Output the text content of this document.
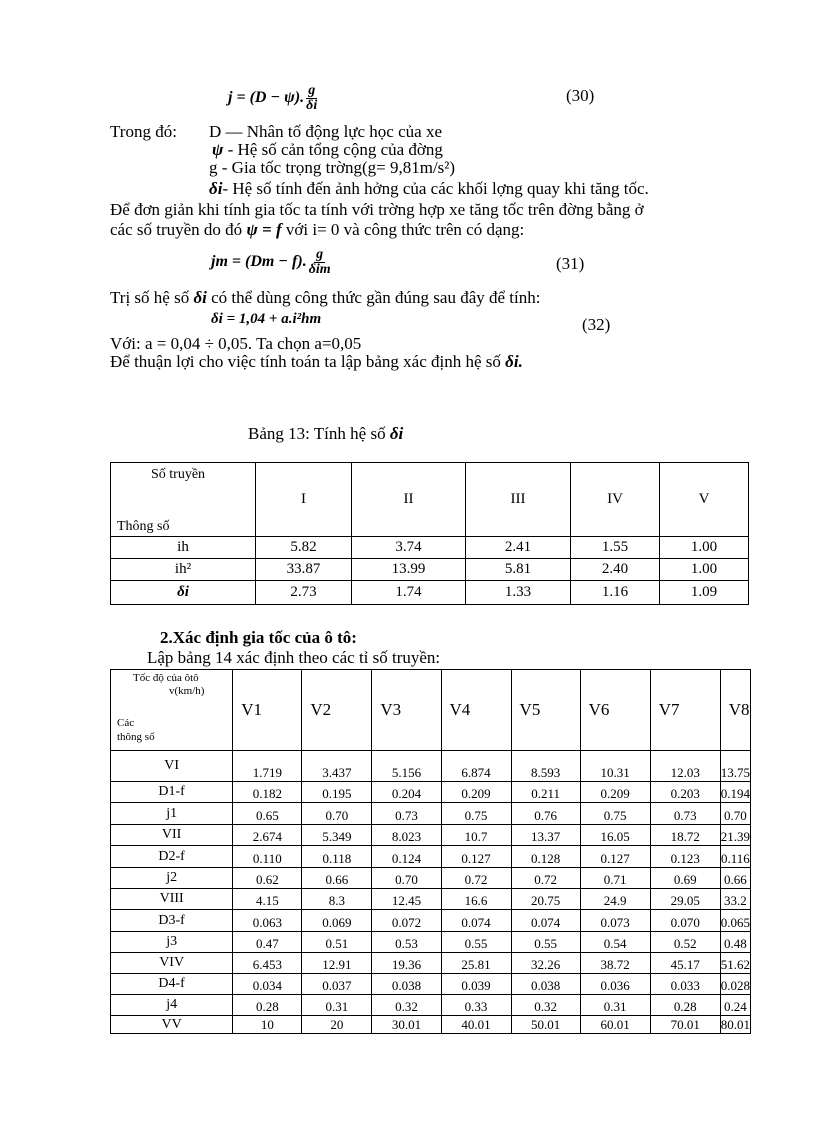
j = (D − ψ). $\frac{g}{\delta i}$	(30)
Trong đó: D — Nhân tố động lực học của xe
ψ - Hệ số cản tổng cộng của đờng
g - Gia tốc trọng trờng(g= 9,81m/s²)
δi- Hệ số tính đến ảnh hởng của các khối lợng quay khi tăng tốc.
Để đơn giản khi tính gia tốc ta tính với trờng hợp xe tăng tốc trên đờng bằng ở
các số truyền do đó ψ = f với i= 0 và công thức trên có dạng:
jm = (Dm − f). $\frac{g}{\text{δim}}$	(31)
Trị số hệ số δi có thể dùng công thức gần đúng sau đây để tính:
δi = 1,04 + a.i²hm	(32)
Với: a = 0,04 ÷ 0,05. Ta chọn a=0,05
Để thuận lợi cho việc tính toán ta lập bảng xác định hệ số δi.
Bảng 13: Tính hệ số δi
Số truyền
Thông số	I	II	III	IV	V
ih	5.82	3.74	2.41	1.55	1.00
ih²	33.87	13.99	5.81	2.40	1.00
δi	2.73	1.74	1.33	1.16	1.09
2.Xác định gia tốc của ô tô:
Lập bảng 14 xác định theo các tỉ số truyền:
Tốc độ của ôtô
v(km/h)
Các
thông số	V1	V2	V3	V4	V5	V6	V7	V8
VI	1.719	3.437	5.156	6.874	8.593	10.31	12.03	13.75
D1-f	0.182	0.195	0.204	0.209	0.211	0.209	0.203	0.194
j1	0.65	0.70	0.73	0.75	0.76	0.75	0.73	0.70
VII	2.674	5.349	8.023	10.7	13.37	16.05	18.72	21.39
D2-f	0.110	0.118	0.124	0.127	0.128	0.127	0.123	0.116
j2	0.62	0.66	0.70	0.72	0.72	0.71	0.69	0.66
VIII	4.15	8.3	12.45	16.6	20.75	24.9	29.05	33.2
D3-f	0.063	0.069	0.072	0.074	0.074	0.073	0.070	0.065
j3	0.47	0.51	0.53	0.55	0.55	0.54	0.52	0.48
VIV	6.453	12.91	19.36	25.81	32.26	38.72	45.17	51.62
D4-f	0.034	0.037	0.038	0.039	0.038	0.036	0.033	0.028
j4	0.28	0.31	0.32	0.33	0.32	0.31	0.28	0.24
VV	10	20	30.01	40.01	50.01	60.01	70.01	80.01
